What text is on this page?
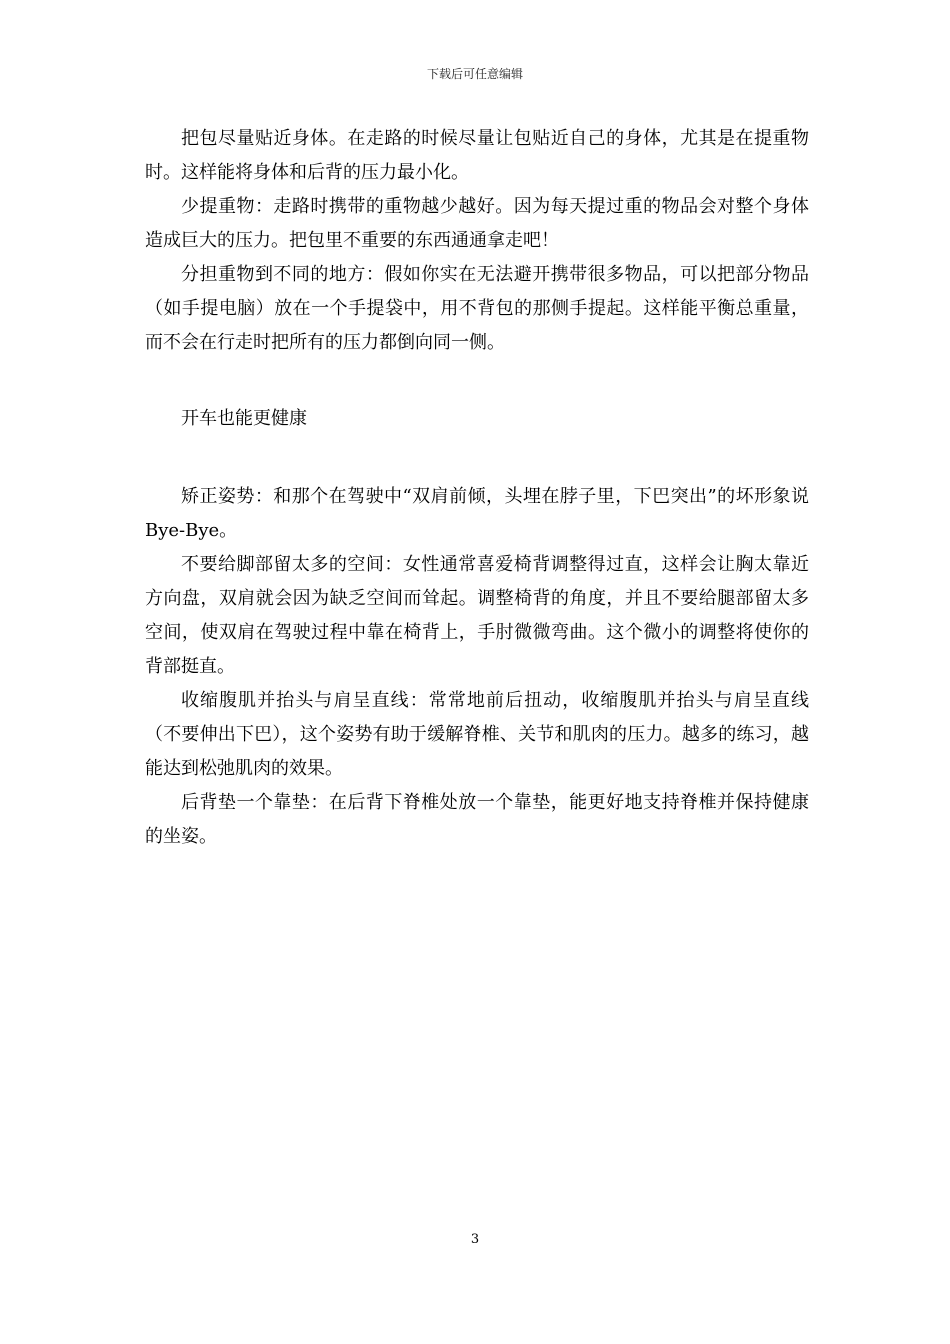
下载后可任意编辑

把包尽量贴近身体。在走路的时候尽量让包贴近自己的身体，尤其是在提重物时。这样能将身体和后背的压力最小化。

少提重物：走路时携带的重物越少越好。因为每天提过重的物品会对整个身体造成巨大的压力。把包里不重要的东西通通拿走吧！

分担重物到不同的地方：假如你实在无法避开携带很多物品，可以把部分物品（如手提电脑）放在一个手提袋中，用不背包的那侧手提起。这样能平衡总重量，而不会在行走时把所有的压力都倒向同一侧。

开车也能更健康

矫正姿势：和那个在驾驶中“双肩前倾，头埋在脖子里，下巴突出”的坏形象说Bye-Bye。

不要给脚部留太多的空间：女性通常喜爱椅背调整得过直，这样会让胸太靠近方向盘，双肩就会因为缺乏空间而耸起。调整椅背的角度，并且不要给腿部留太多空间，使双肩在驾驶过程中靠在椅背上，手肘微微弯曲。这个微小的调整将使你的背部挺直。

收缩腹肌并抬头与肩呈直线：常常地前后扭动，收缩腹肌并抬头与肩呈直线（不要伸出下巴），这个姿势有助于缓解脊椎、关节和肌肉的压力。越多的练习，越能达到松弛肌肉的效果。

后背垫一个靠垫：在后背下脊椎处放一个靠垫，能更好地支持脊椎并保持健康的坐姿。

3
